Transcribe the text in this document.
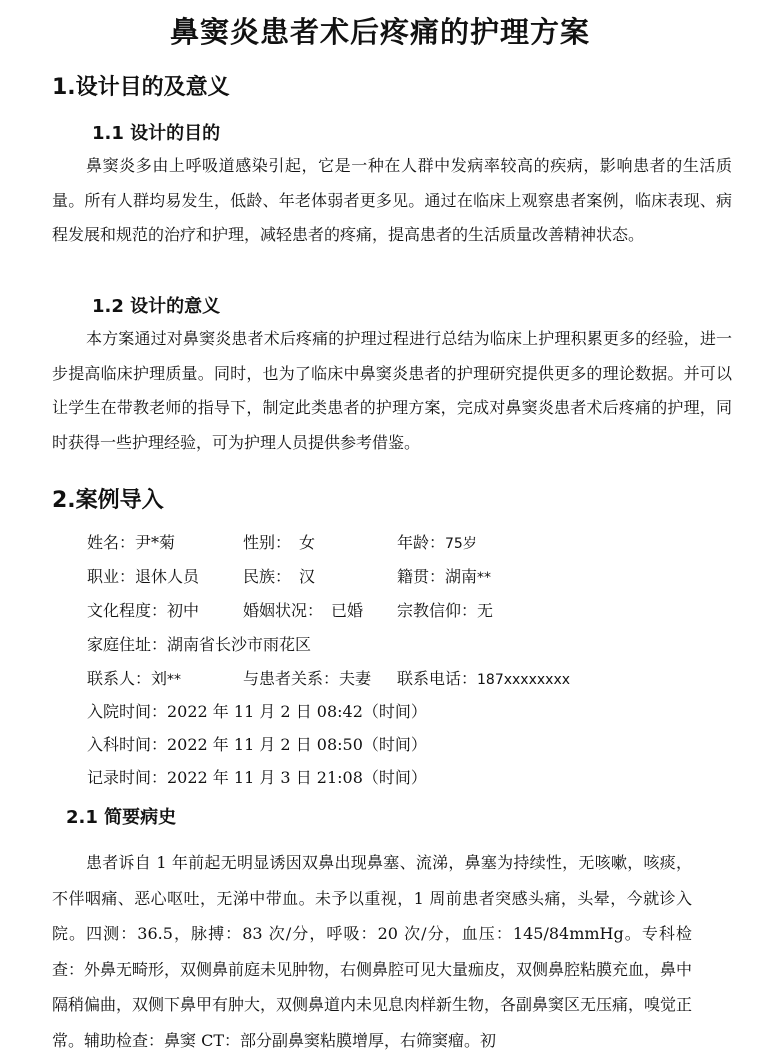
鼻窦炎患者术后疼痛的护理方案
1.设计目的及意义
1.1 设计的目的

鼻窦炎多由上呼吸道感染引起，它是一种在人群中发病率较高的疾病，影响患者的生活质量。所有人群均易发生，低龄、年老体弱者更多见。通过在临床上观察患者案例，临床表现、病程发展和规范的治疗和护理，减轻患者的疼痛，提高患者的生活质量改善精神状态。

1.2 设计的意义

本方案通过对鼻窦炎患者术后疼痛的护理过程进行总结为临床上护理积累更多的经验，进一步提高临床护理质量。同时，也为了临床中鼻窦炎患者的护理研究提供更多的理论数据。并可以让学生在带教老师的指导下，制定此类患者的护理方案，完成对鼻窦炎患者术后疼痛的护理，同时获得一些护理经验，可为护理人员提供参考借鉴。

2.案例导入
姓名：尹*菊	性别：　女	年龄：75岁
职业：退休人员	民族：　汉	籍贯：湖南**
文化程度：初中	婚姻状况：　已婚 宗教信仰：无
家庭住址：湖南省长沙市雨花区
联系人：刘**	与患者关系：夫妻 联系电话：187xxxxxxxx
入院时间：2022 年 11 月 2 日 08:42（时间）
入科时间：2022 年 11 月 2 日 08:50（时间）
记录时间：2022 年 11 月 3 日 21:08（时间）
2.1 简要病史

患者诉自 1 年前起无明显诱因双鼻出现鼻塞、流涕，鼻塞为持续性，无咳嗽，咳痰，不伴咽痛、恶心呕吐，无涕中带血。未予以重视，1 周前患者突感头痛，头晕，今就诊入院。四测：36.5，脉搏：83 次/分，呼吸：20 次/分，血压：145/84mmHg。专科检查：外鼻无畸形，双侧鼻前庭未见肿物，右侧鼻腔可见大量痂皮，双侧鼻腔粘膜充血，鼻中隔稍偏曲，双侧下鼻甲有肿大，双侧鼻道内未见息肉样新生物，各副鼻窦区无压痛，嗅觉正常。辅助检查：鼻窦 CT：部分副鼻窦粘膜增厚，右筛窦瘤。初
